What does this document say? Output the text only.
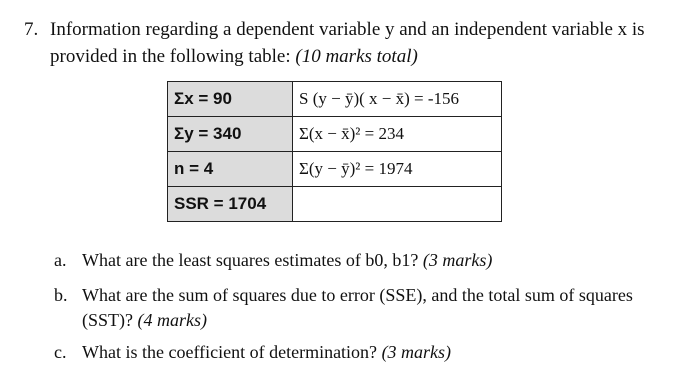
7. Information regarding a dependent variable y and an independent variable x is provided in the following table: (10 marks total)
Σx = 90	S (y − ȳ)( x − x̄) = -156
Σy = 340	Σ(x − x̄)² = 234
n = 4	Σ(y − ȳ)² = 1974
SSR = 1704	
a. What are the least squares estimates of b0, b1? (3 marks)
b. What are the sum of squares due to error (SSE), and the total sum of squares (SST)? (4 marks)
c. What is the coefficient of determination? (3 marks)
